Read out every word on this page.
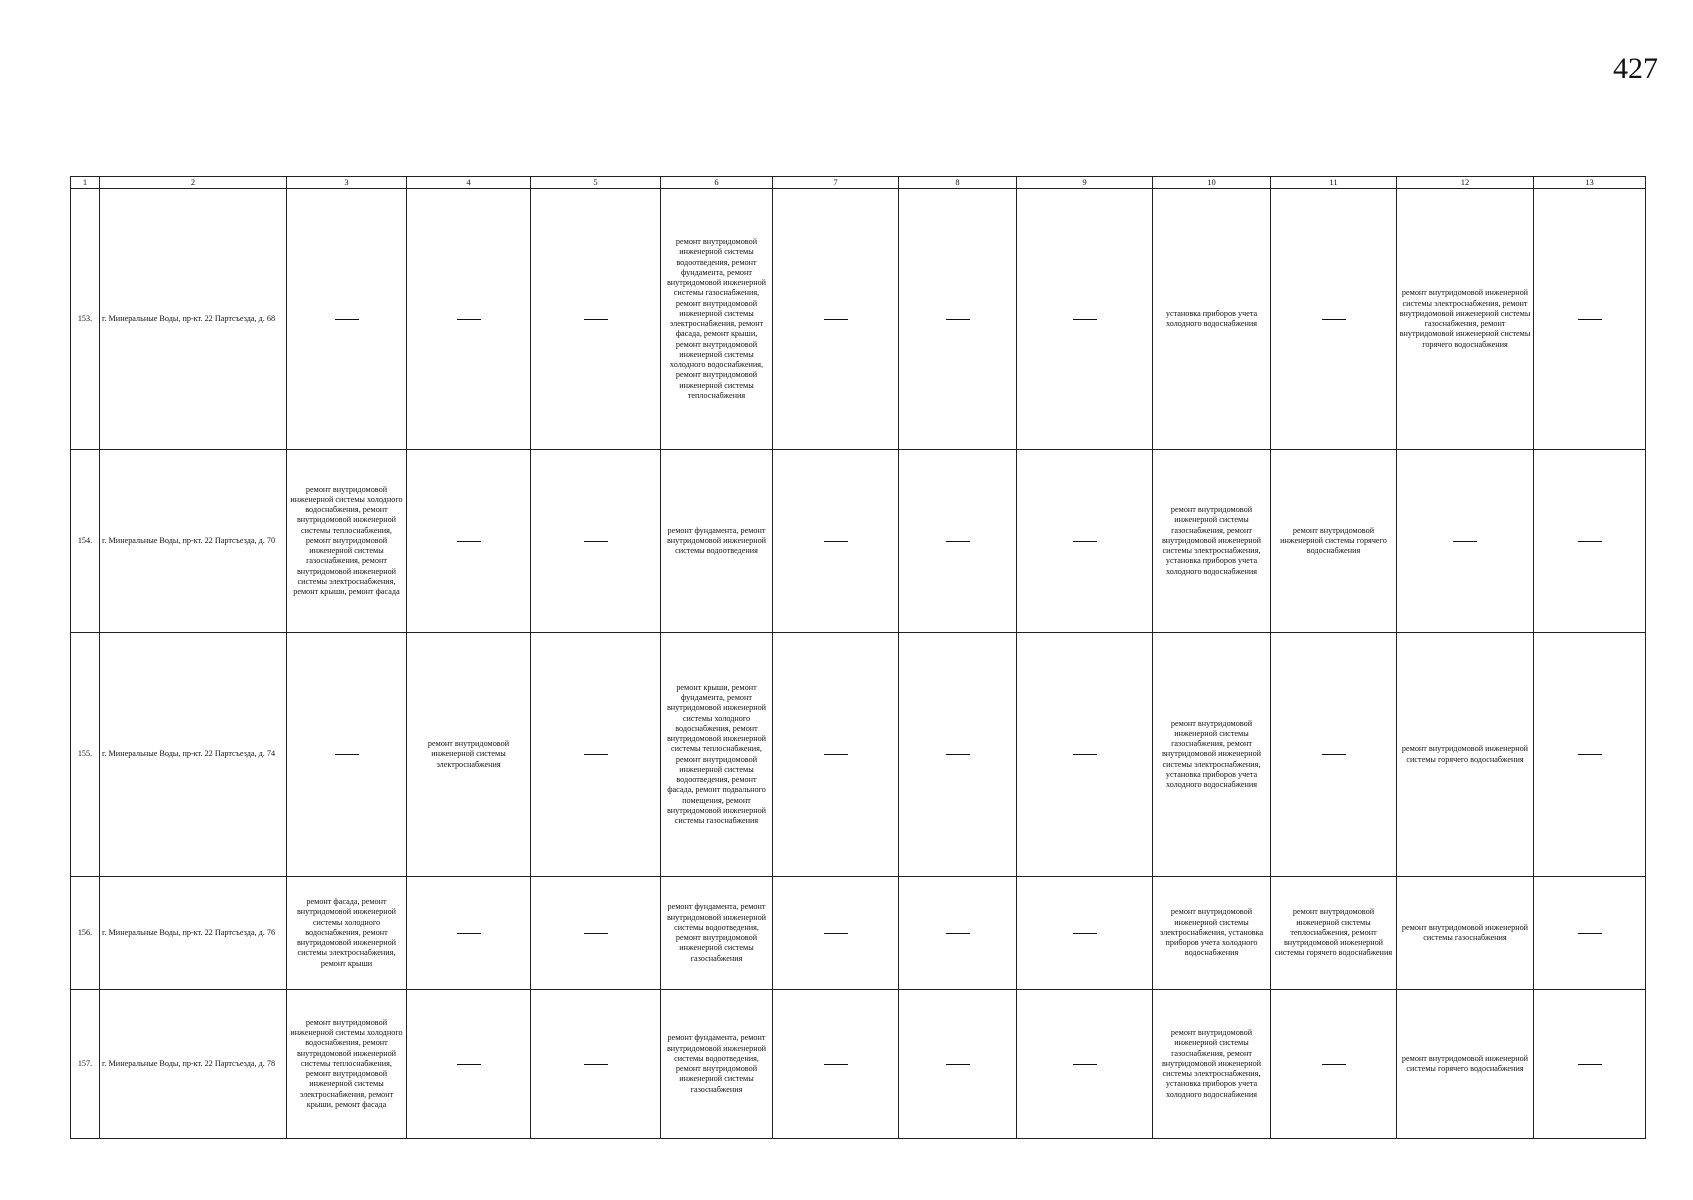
427
1	2	3	4	5	6	7	8	9	10	11	12	13
153.	г. Минеральные Воды, пр-кт. 22 Партсъезда, д. 68				ремонт внутридомовой инженерной системы водоотведения, ремонт фундамента, ремонт внутридомовой инженерной системы газоснабжения, ремонт внутридомовой инженерной системы электроснабжения, ремонт фасада, ремонт крыши, ремонт внутридомовой инженерной системы холодного водоснабжения, ремонт внутридомовой инженерной системы теплоснабжения				установка приборов учета холодного водоснабжения		ремонт внутридомовой инженерной системы электроснабжения, ремонт внутридомовой инженерной системы газоснабжения, ремонт внутридомовой инженерной системы горячего водоснабжения	
154.	г. Минеральные Воды, пр-кт. 22 Партсъезда, д. 70	ремонт внутридомовой инженерной системы холодного водоснабжения, ремонт внутридомовой инженерной системы теплоснабжения, ремонт внутридомовой инженерной системы газоснабжения, ремонт внутридомовой инженерной системы электроснабжения, ремонт крыши, ремонт фасада			ремонт фундамента, ремонт внутридомовой инженерной системы водоотведения				ремонт внутридомовой инженерной системы газоснабжения, ремонт внутридомовой инженерной системы электроснабжения, установка приборов учета холодного водоснабжения	ремонт внутридомовой инженерной системы горячего водоснабжения		
155.	г. Минеральные Воды, пр-кт. 22 Партсъезда, д. 74		ремонт внутридомовой инженерной системы электроснабжения		ремонт крыши, ремонт фундамента, ремонт внутридомовой инженерной системы холодного водоснабжения, ремонт внутридомовой инженерной системы теплоснабжения, ремонт внутридомовой инженерной системы водоотведения, ремонт фасада, ремонт подвального помещения, ремонт внутридомовой инженерной системы газоснабжения				ремонт внутридомовой инженерной системы газоснабжения, ремонт внутридомовой инженерной системы электроснабжения, установка приборов учета холодного водоснабжения		ремонт внутридомовой инженерной системы горячего водоснабжения	
156.	г. Минеральные Воды, пр-кт. 22 Партсъезда, д. 76	ремонт фасада, ремонт внутридомовой инженерной системы холодного водоснабжения, ремонт внутридомовой инженерной системы электроснабжения, ремонт крыши			ремонт фундамента, ремонт внутридомовой инженерной системы водоотведения, ремонт внутридомовой инженерной системы газоснабжения				ремонт внутридомовой инженерной системы электроснабжения, установка приборов учета холодного водоснабжения	ремонт внутридомовой инженерной системы теплоснабжения, ремонт внутридомовой инженерной системы горячего водоснабжения	ремонт внутридомовой инженерной системы газоснабжения	
157.	г. Минеральные Воды, пр-кт. 22 Партсъезда, д. 78	ремонт внутридомовой инженерной системы холодного водоснабжения, ремонт внутридомовой инженерной системы теплоснабжения, ремонт внутридомовой инженерной системы электроснабжения, ремонт крыши, ремонт фасада			ремонт фундамента, ремонт внутридомовой инженерной системы водоотведения, ремонт внутридомовой инженерной системы газоснабжения				ремонт внутридомовой инженерной системы газоснабжения, ремонт внутридомовой инженерной системы электроснабжения, установка приборов учета холодного водоснабжения		ремонт внутридомовой инженерной системы горячего водоснабжения	
